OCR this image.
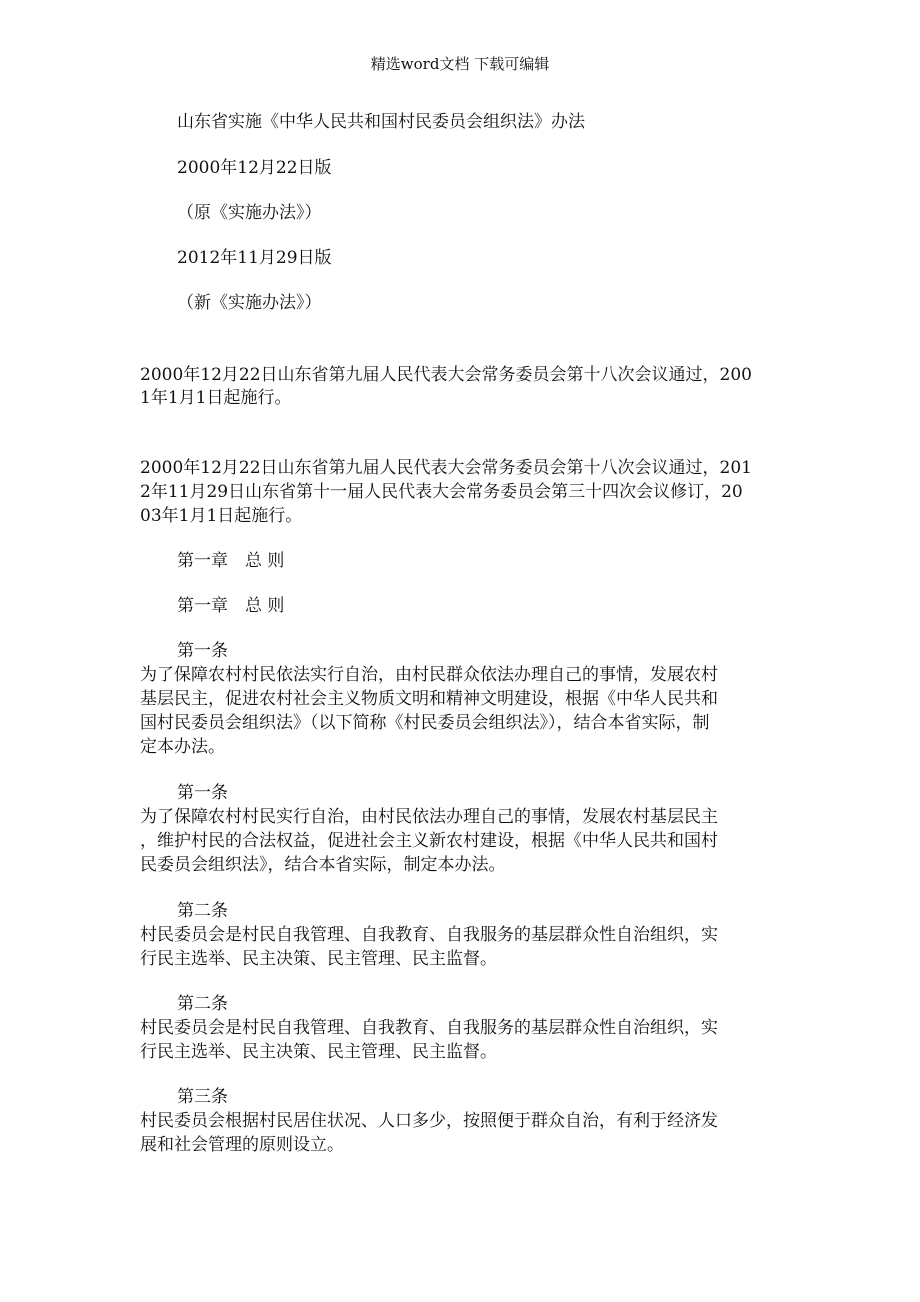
精选word文档 下载可编辑
山东省实施《中华人民共和国村民委员会组织法》办法
2000年12月22日版
（原《实施办法》）
2012年11月29日版
（新《实施办法》）
2000年12月22日山东省第九届人民代表大会常务委员会第十八次会议通过，200
1年1月1日起施行。
2000年12月22日山东省第九届人民代表大会常务委员会第十八次会议通过，201
2年11月29日山东省第十一届人民代表大会常务委员会第三十四次会议修订，20
03年1月1日起施行。
第一章　总 则
第一章　总 则
第一条
为了保障农村村民依法实行自治，由村民群众依法办理自己的事情，发展农村
基层民主，促进农村社会主义物质文明和精神文明建设，根据《中华人民共和
国村民委员会组织法》（以下简称《村民委员会组织法》），结合本省实际，制
定本办法。
第一条
为了保障农村村民实行自治，由村民依法办理自己的事情，发展农村基层民主
，维护村民的合法权益，促进社会主义新农村建设，根据《中华人民共和国村
民委员会组织法》，结合本省实际，制定本办法。
第二条
村民委员会是村民自我管理、自我教育、自我服务的基层群众性自治组织，实
行民主选举、民主决策、民主管理、民主监督。
第二条
村民委员会是村民自我管理、自我教育、自我服务的基层群众性自治组织，实
行民主选举、民主决策、民主管理、民主监督。
第三条
村民委员会根据村民居住状况、人口多少，按照便于群众自治，有利于经济发
展和社会管理的原则设立。
